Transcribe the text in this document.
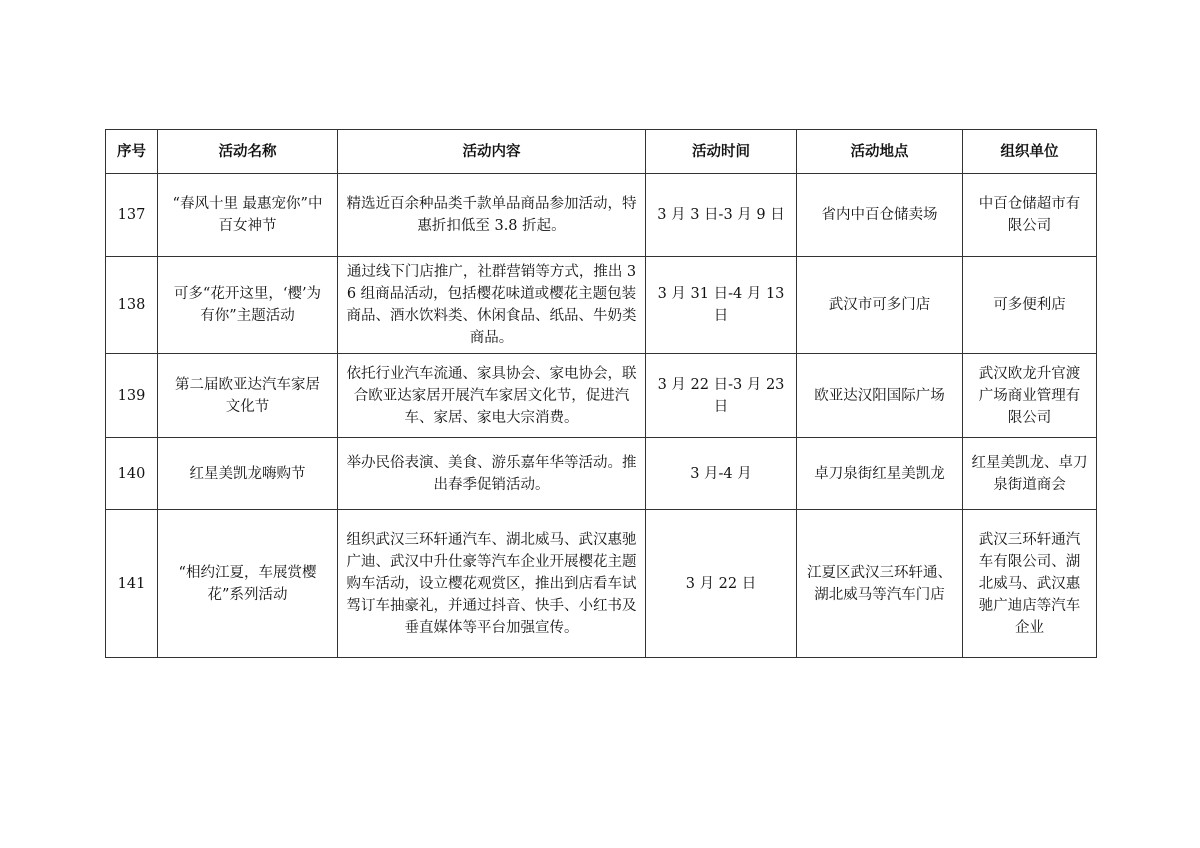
序号	活动名称	活动内容	活动时间	活动地点	组织单位
137	“春风十里 最惠宠你”中百女神节	精选近百余种品类千款单品商品参加活动，特惠折扣低至 3.8 折起。	3 月 3 日-3 月 9 日	省内中百仓储卖场	中百仓储超市有限公司
138	可多“花开这里，‘樱’为有你”主题活动	通过线下门店推广，社群营销等方式，推出 36 组商品活动，包括樱花味道或樱花主题包装商品、酒水饮料类、休闲食品、纸品、牛奶类商品。	3 月 31 日-4 月 13 日	武汉市可多门店	可多便利店
139	第二届欧亚达汽车家居文化节	依托行业汽车流通、家具协会、家电协会，联合欧亚达家居开展汽车家居文化节，促进汽车、家居、家电大宗消费。	3 月 22 日-3 月 23 日	欧亚达汉阳国际广场	武汉欧龙升官渡广场商业管理有限公司
140	红星美凯龙嗨购节	举办民俗表演、美食、游乐嘉年华等活动。推出春季促销活动。	3 月-4 月	卓刀泉街红星美凯龙	红星美凯龙、卓刀泉街道商会
141	“相约江夏，车展赏樱花”系列活动	组织武汉三环轩通汽车、湖北威马、武汉惠驰广迪、武汉中升仕豪等汽车企业开展樱花主题购车活动，设立樱花观赏区，推出到店看车试驾订车抽豪礼，并通过抖音、快手、小红书及垂直媒体等平台加强宣传。	3 月 22 日	江夏区武汉三环轩通、湖北威马等汽车门店	武汉三环轩通汽车有限公司、湖北威马、武汉惠驰广迪店等汽车企业
